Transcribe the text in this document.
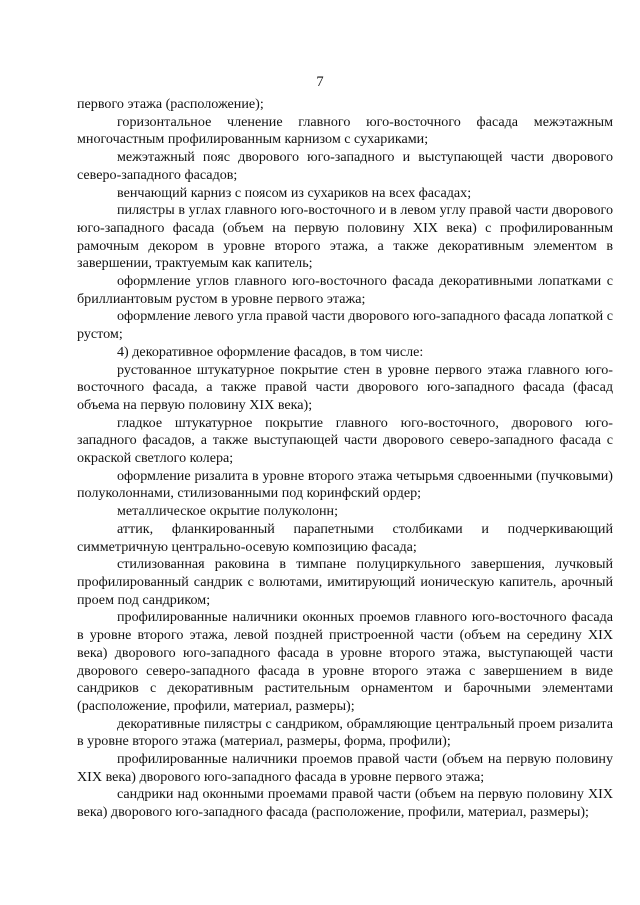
7

первого этажа (расположение);

горизонтальное членение главного юго-восточного фасада межэтажным многочастным профилированным карнизом с сухариками;

межэтажный пояс дворового юго-западного и выступающей части дворового северо-западного фасадов;

венчающий карниз с поясом из сухариков на всех фасадах;

пилястры в углах главного юго-восточного и в левом углу правой части дворового юго-западного фасада (объем на первую половину XIX века) с профилированным рамочным декором в уровне второго этажа, а также декоративным элементом в завершении, трактуемым как капитель;

оформление углов главного юго-восточного фасада декоративными лопатками с бриллиантовым рустом в уровне первого этажа;

оформление левого угла правой части дворового юго-западного фасада лопаткой с рустом;

4) декоративное оформление фасадов, в том числе:

рустованное штукатурное покрытие стен в уровне первого этажа главного юго-восточного фасада, а также правой части дворового юго-западного фасада (фасад объема на первую половину XIX века);

гладкое штукатурное покрытие главного юго-восточного, дворового юго-западного фасадов, а также выступающей части дворового северо-западного фасада с окраской светлого колера;

оформление ризалита в уровне второго этажа четырьмя сдвоенными (пучковыми) полуколоннами, стилизованными под коринфский ордер;

металлическое окрытие полуколонн;

аттик, фланкированный парапетными столбиками и подчеркивающий симметричную центрально-осевую композицию фасада;

стилизованная раковина в тимпане полуциркульного завершения, лучковый профилированный сандрик с волютами, имитирующий ионическую капитель, арочный проем под сандриком;

профилированные наличники оконных проемов главного юго-восточного фасада в уровне второго этажа, левой поздней пристроенной части (объем на середину XIX века) дворового юго-западного фасада в уровне второго этажа, выступающей части дворового северо-западного фасада в уровне второго этажа с завершением в виде сандриков с декоративным растительным орнаментом и барочными элементами (расположение, профили, материал, размеры);

декоративные пилястры с сандриком, обрамляющие центральный проем ризалита в уровне второго этажа (материал, размеры, форма, профили);

профилированные наличники проемов правой части (объем на первую половину XIX века) дворового юго-западного фасада в уровне первого этажа;

сандрики над оконными проемами правой части (объем на первую половину XIX века) дворового юго-западного фасада (расположение, профили, материал, размеры);
